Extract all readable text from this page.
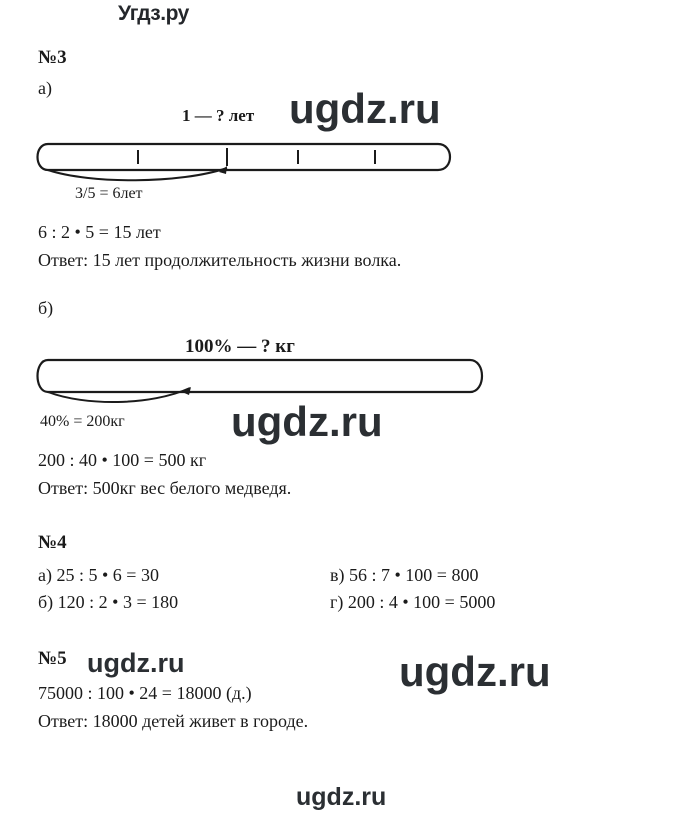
Угдз.ру
№3
а)
1 — ? лет
3/5 = 6лет
6 : 2 • 5 = 15 лет
Ответ: 15 лет продолжительность жизни волка.
б)
100% — ? кг
40% = 200кг
200 : 40 • 100 = 500 кг
Ответ: 500кг вес белого медведя.
№4
а) 25 : 5 • 6 = 30
б) 120 : 2 • 3 = 180
в) 56 : 7 • 100 = 800
г) 200 : 4 • 100 = 5000
№5
75000 : 100 • 24 = 18000 (д.)
Ответ: 18000 детей живет в городе.
ugdz.ru
ugdz.ru
ugdz.ru	ugdz.ru
ugdz.ru
